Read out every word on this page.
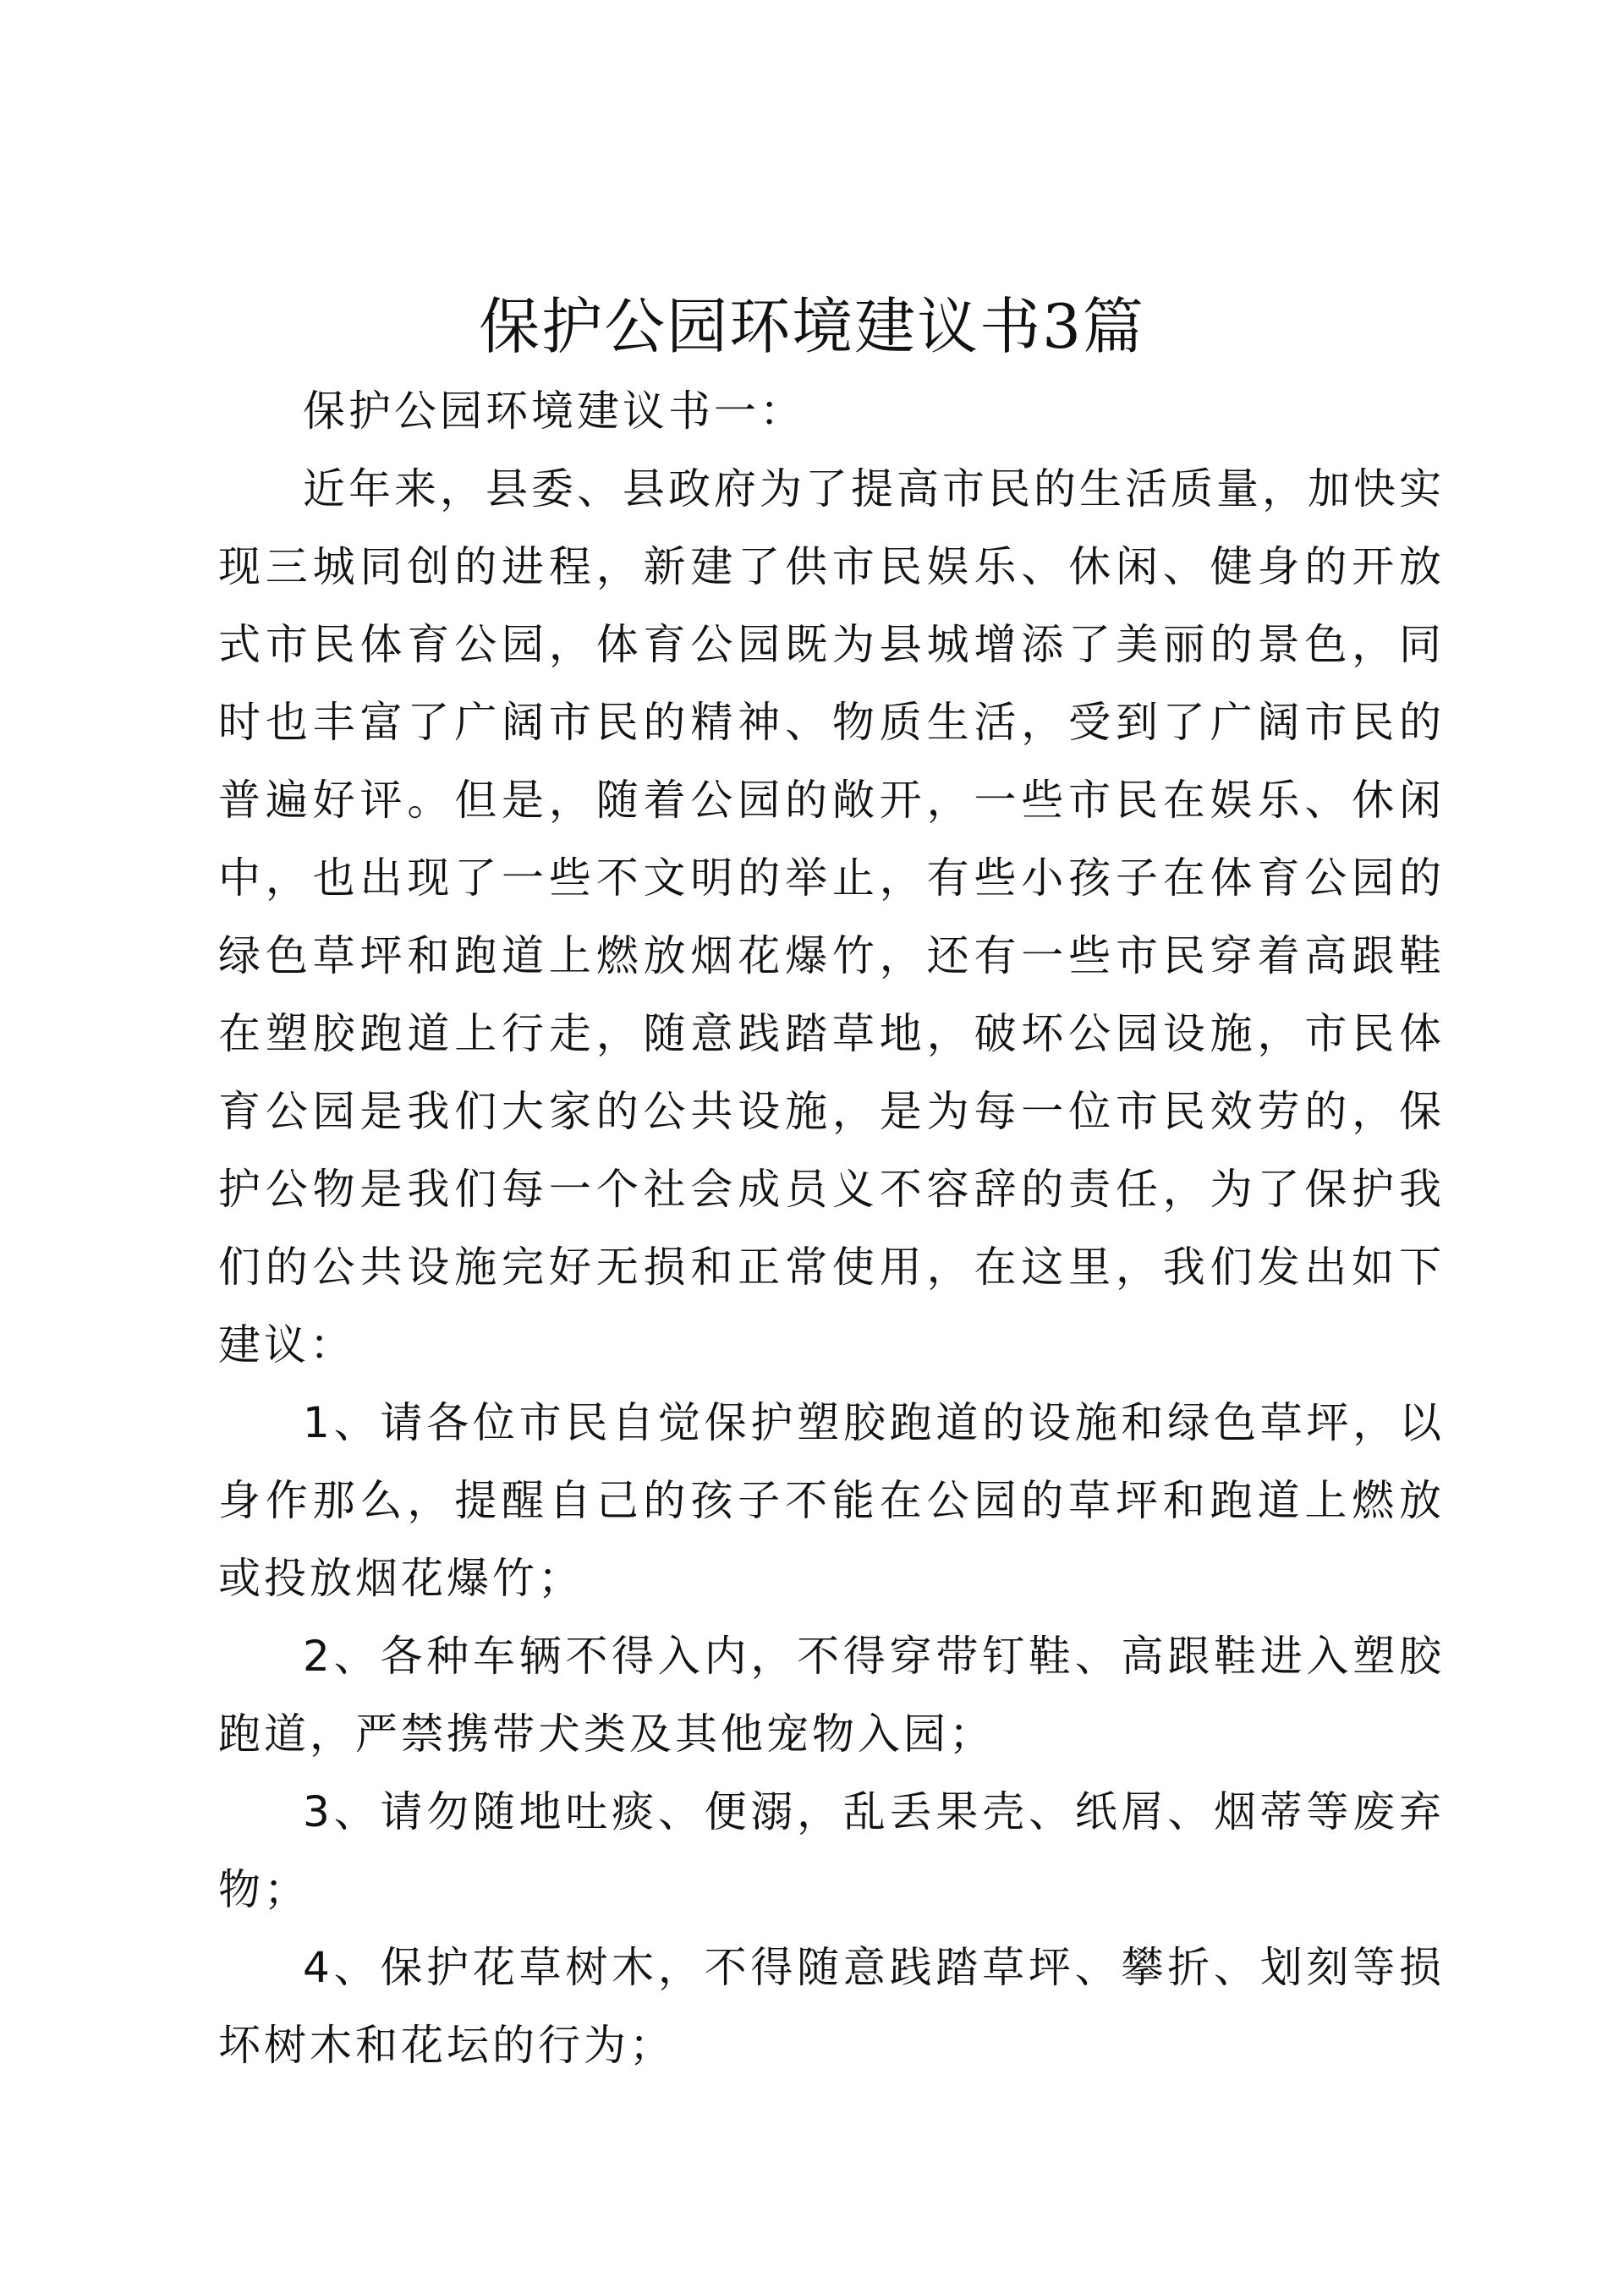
保护公园环境建议书3篇

保护公园环境建议书一：

近年来，县委、县政府为了提高市民的生活质量，加快实现三城同创的进程，新建了供市民娱乐、休闲、健身的开放式市民体育公园，体育公园既为县城增添了美丽的景色，同时也丰富了广阔市民的精神、物质生活，受到了广阔市民的普遍好评。但是，随着公园的敞开，一些市民在娱乐、休闲中，也出现了一些不文明的举止，有些小孩子在体育公园的绿色草坪和跑道上燃放烟花爆竹，还有一些市民穿着高跟鞋在塑胶跑道上行走，随意践踏草地，破坏公园设施，市民体育公园是我们大家的公共设施，是为每一位市民效劳的，保护公物是我们每一个社会成员义不容辞的责任，为了保护我们的公共设施完好无损和正常使用，在这里，我们发出如下建议：

1、请各位市民自觉保护塑胶跑道的设施和绿色草坪，以身作那么，提醒自己的孩子不能在公园的草坪和跑道上燃放或投放烟花爆竹；

2、各种车辆不得入内，不得穿带钉鞋、高跟鞋进入塑胶跑道，严禁携带犬类及其他宠物入园；

3、请勿随地吐痰、便溺，乱丢果壳、纸屑、烟蒂等废弃物；

4、保护花草树木，不得随意践踏草坪、攀折、划刻等损坏树木和花坛的行为；
